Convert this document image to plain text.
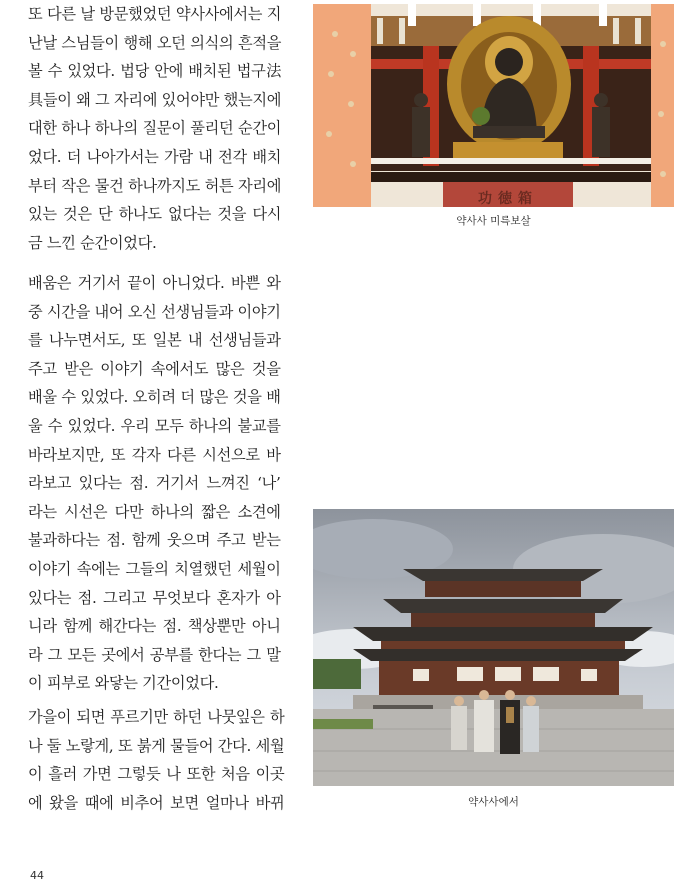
또 다른 날 방문했었던 약사사에서는 지
난날 스님들이 행해 오던 의식의 흔적을
볼 수 있었다. 법당 안에 배치된 법구法
具들이 왜 그 자리에 있어야만 했는지에
대한 하나 하나의 질문이 풀리던 순간이
었다. 더 나아가서는 가람 내 전각 배치
부터 작은 물건 하나까지도 허튼 자리에
있는 것은 단 하나도 없다는 것을 다시
금 느낀 순간이었다.

배움은 거기서 끝이 아니었다. 바쁜 와
중 시간을 내어 오신 선생님들과 이야기
를 나누면서도, 또 일본 내 선생님들과
주고 받은 이야기 속에서도 많은 것을
배울 수 있었다. 오히려 더 많은 것을 배
울 수 있었다. 우리 모두 하나의 불교를
바라보지만, 또 각자 다른 시선으로 바
라보고 있다는 점. 거기서 느껴진 ‘나’
라는 시선은 다만 하나의 짧은 소견에
불과하다는 점. 함께 웃으며 주고 받는
이야기 속에는 그들의 치열했던 세월이
있다는 점. 그리고 무엇보다 혼자가 아
니라 함께 해간다는 점. 책상뿐만 아니
라 그 모든 곳에서 공부를 한다는 그 말
이 피부로 와닿는 기간이었다.

가을이 되면 푸르기만 하던 나뭇잎은 하
나 둘 노랗게, 또 붉게 물들어 간다. 세월
이 흘러 가면 그렇듯 나 또한 처음 이곳
에 왔을 때에 비추어 보면 얼마나 바뀌

功徳箱
약사사 미륵보살
약사사에서
44
